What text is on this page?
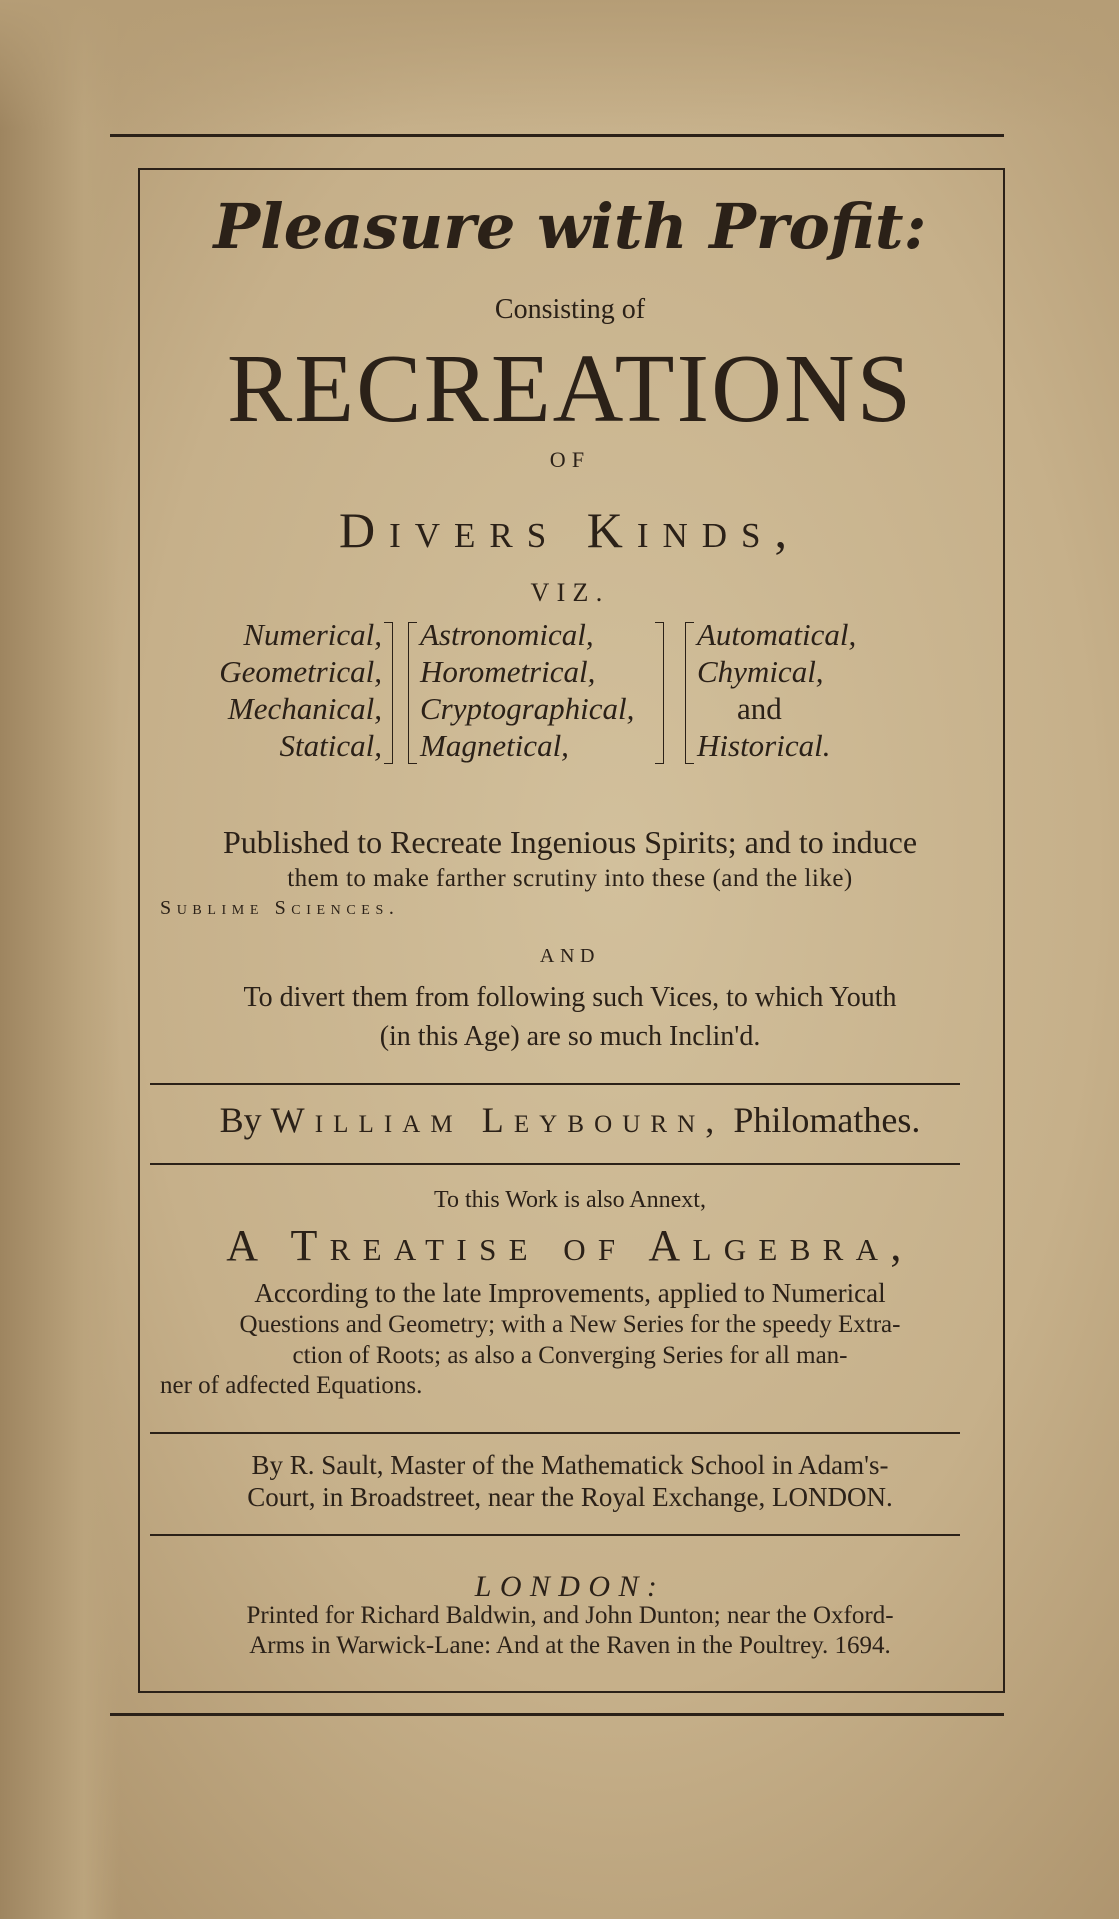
Pleasure with Profit:
Consisting of
RECREATIONS
OF
Divers Kinds,
VIZ.
Numerical,
Geometrical,
Mechanical,
Statical,
Astronomical,
Horometrical,
Cryptographical,
Magnetical,
Automatical,
Chymical,
and
Historical.
Published to Recreate Ingenious Spirits; and to induce
them to make farther scrutiny into these (and the like)
Sublime Sciences.
AND
To divert them from following such Vices, to which Youth
(in this Age) are so much Inclin'd.
By William Leybourn, Philomathes.
To this Work is also Annext,
A Treatise of Algebra,
According to the late Improvements, applied to Numerical
Questions and Geometry; with a New Series for the speedy Extra-
ction of Roots; as also a Converging Series for all man-
ner of adfected Equations.
By R. Sault, Master of the Mathematick School in Adam's-
Court, in Broadstreet, near the Royal Exchange, LONDON.
LONDON:
Printed for Richard Baldwin, and John Dunton; near the Oxford-
Arms in Warwick-Lane: And at the Raven in the Poultrey. 1694.
